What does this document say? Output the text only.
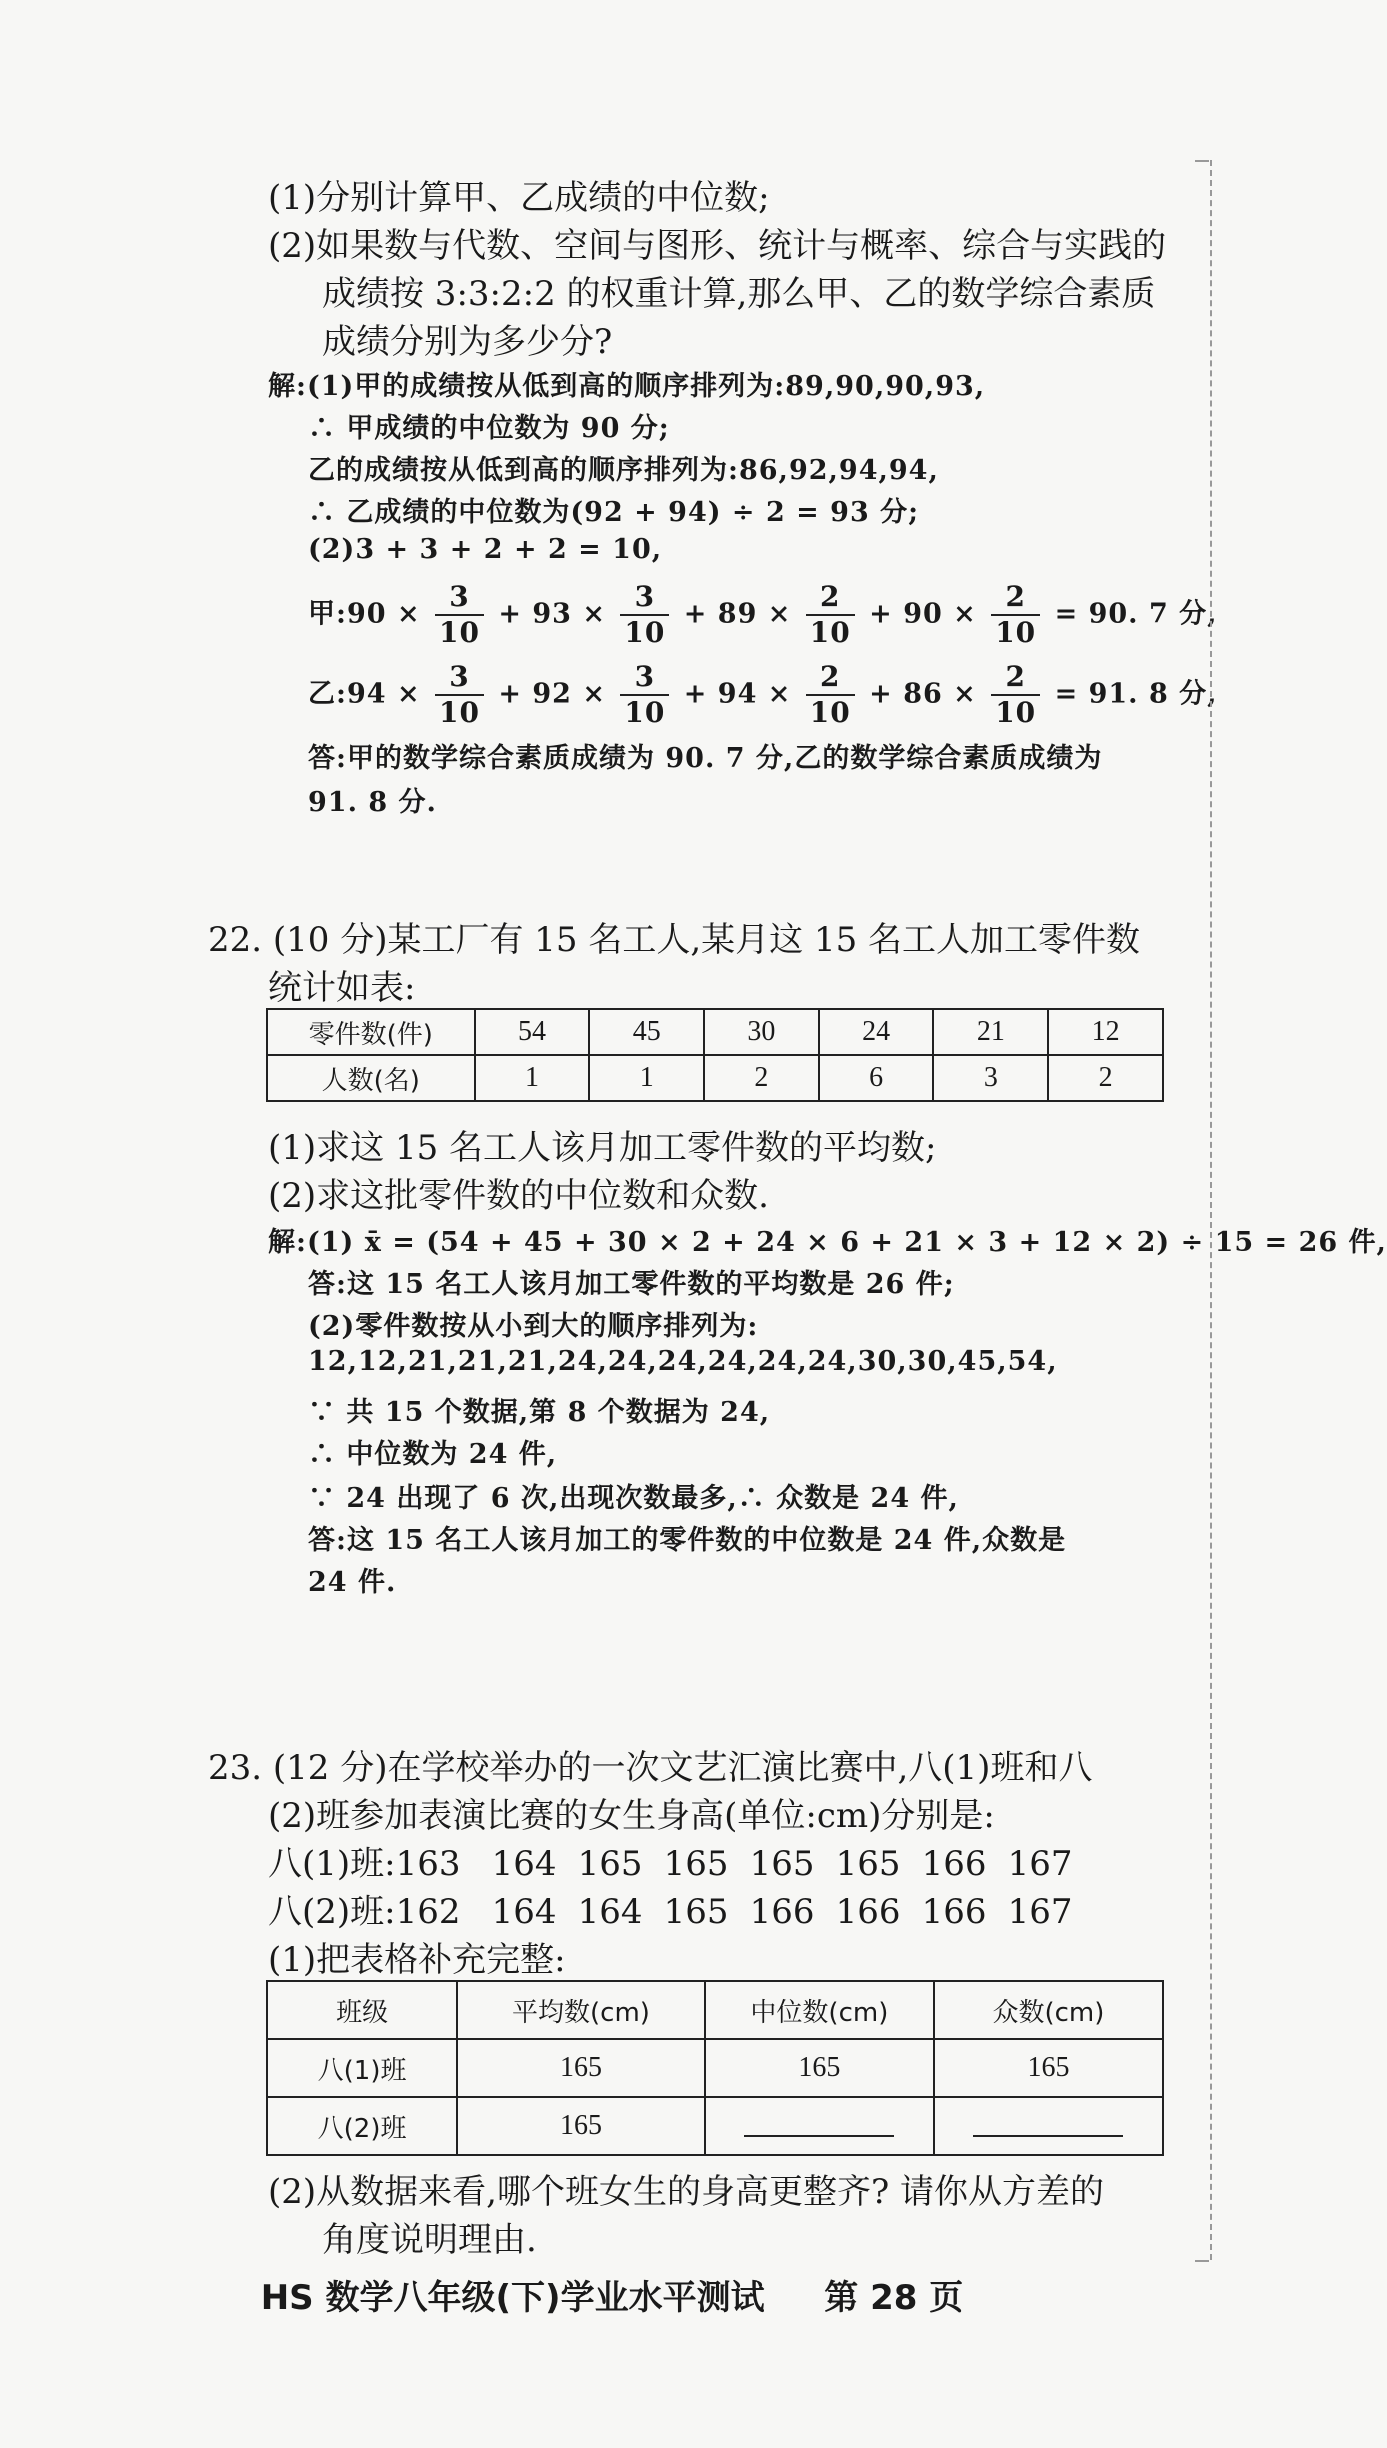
(1)分别计算甲、乙成绩的中位数;
(2)如果数与代数、空间与图形、统计与概率、综合与实践的
成绩按 3:3:2:2 的权重计算,那么甲、乙的数学综合素质
成绩分别为多少分?
解:(1)甲的成绩按从低到高的顺序排列为:89,90,90,93,
∴ 甲成绩的中位数为 90 分;
乙的成绩按从低到高的顺序排列为:86,92,94,94,
∴ 乙成绩的中位数为(92 + 94) ÷ 2 = 93 分;
(2)3 + 3 + 2 + 2 = 10,
甲:90 × $\frac{3}{10} + 93 \times \frac{3}{10} + 89 \times \frac{2}{10} + 90 \times \frac{2}{10} = 90$. 7 分,
乙:94 × $\frac{3}{10} + 92 \times \frac{3}{10} + 94 \times \frac{2}{10} + 86 \times \frac{2}{10} = 91$. 8 分,
答:甲的数学综合素质成绩为 90. 7 分,乙的数学综合素质成绩为
91. 8 分.
22. (10 分)某工厂有 15 名工人,某月这 15 名工人加工零件数
统计如表:
零件数(件)	54	45	30	24	21	12
人数(名)	1	1	2	6	3	2
(1)求这 15 名工人该月加工零件数的平均数;
(2)求这批零件数的中位数和众数.
解:(1) x̄ = (54 + 45 + 30 × 2 + 24 × 6 + 21 × 3 + 12 × 2) ÷ 15 = 26 件,
答:这 15 名工人该月加工零件数的平均数是 26 件;
(2)零件数按从小到大的顺序排列为:
12,12,21,21,21,24,24,24,24,24,24,30,30,45,54,
∵ 共 15 个数据,第 8 个数据为 24,
∴ 中位数为 24 件,
∵ 24 出现了 6 次,出现次数最多,∴ 众数是 24 件,
答:这 15 名工人该月加工的零件数的中位数是 24 件,众数是
24 件.
23. (12 分)在学校举办的一次文艺汇演比赛中,八(1)班和八
(2)班参加表演比赛的女生身高(单位:cm)分别是:
八(1)班:163 164 165 165 165 165 166 167
八(2)班:162 164 164 165 166 166 166 167
(1)把表格补充完整:
班级	平均数(cm)	中位数(cm)	众数(cm)
八(1)班	165	165	165
八(2)班	165		
(2)从数据来看,哪个班女生的身高更整齐? 请你从方差的
角度说明理由.
HS 数学八年级(下)学业水平测试 第 28 页
